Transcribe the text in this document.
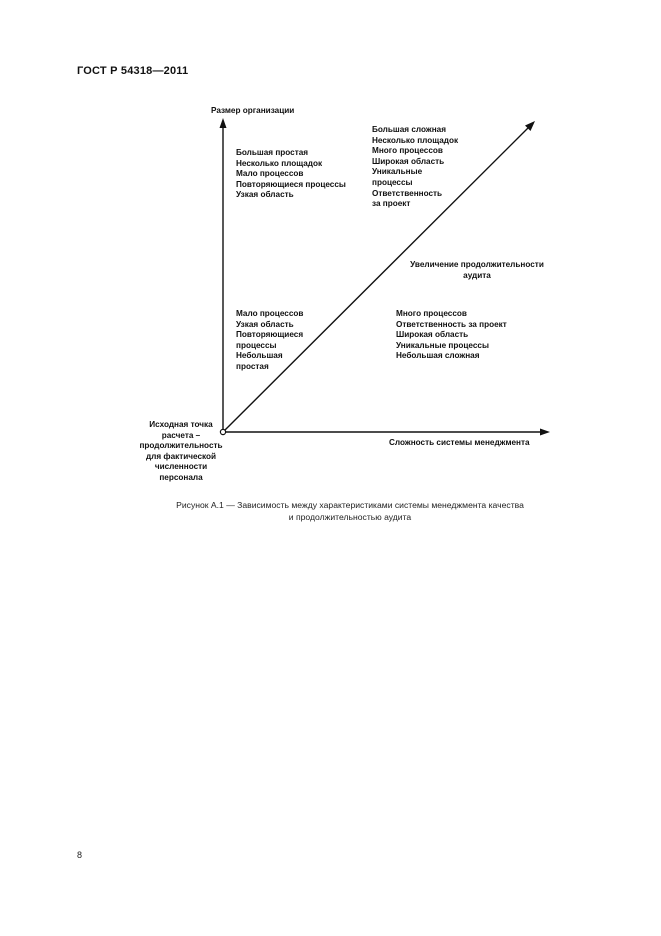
ГОСТ Р 54318—2011
Размер организации
Сложность системы менеджмента
Увеличение продолжительности
аудита
Исходная точка
расчета –
продолжительность
для фактической
численности
персонала
Большая простая
Несколько площадок
Мало процессов
Повторяющиеся процессы
Узкая область
Большая сложная
Несколько площадок
Много процессов
Широкая область
Уникальные
процессы
Ответственность
за проект
Мало процессов
Узкая область
Повторяющиеся
процессы
Небольшая
простая
Много процессов
Ответственность за проект
Широкая область
Уникальные процессы
Небольшая сложная
Рисунок А.1 — Зависимость между характеристиками системы менеджмента качества
и продолжительностью аудита
8
